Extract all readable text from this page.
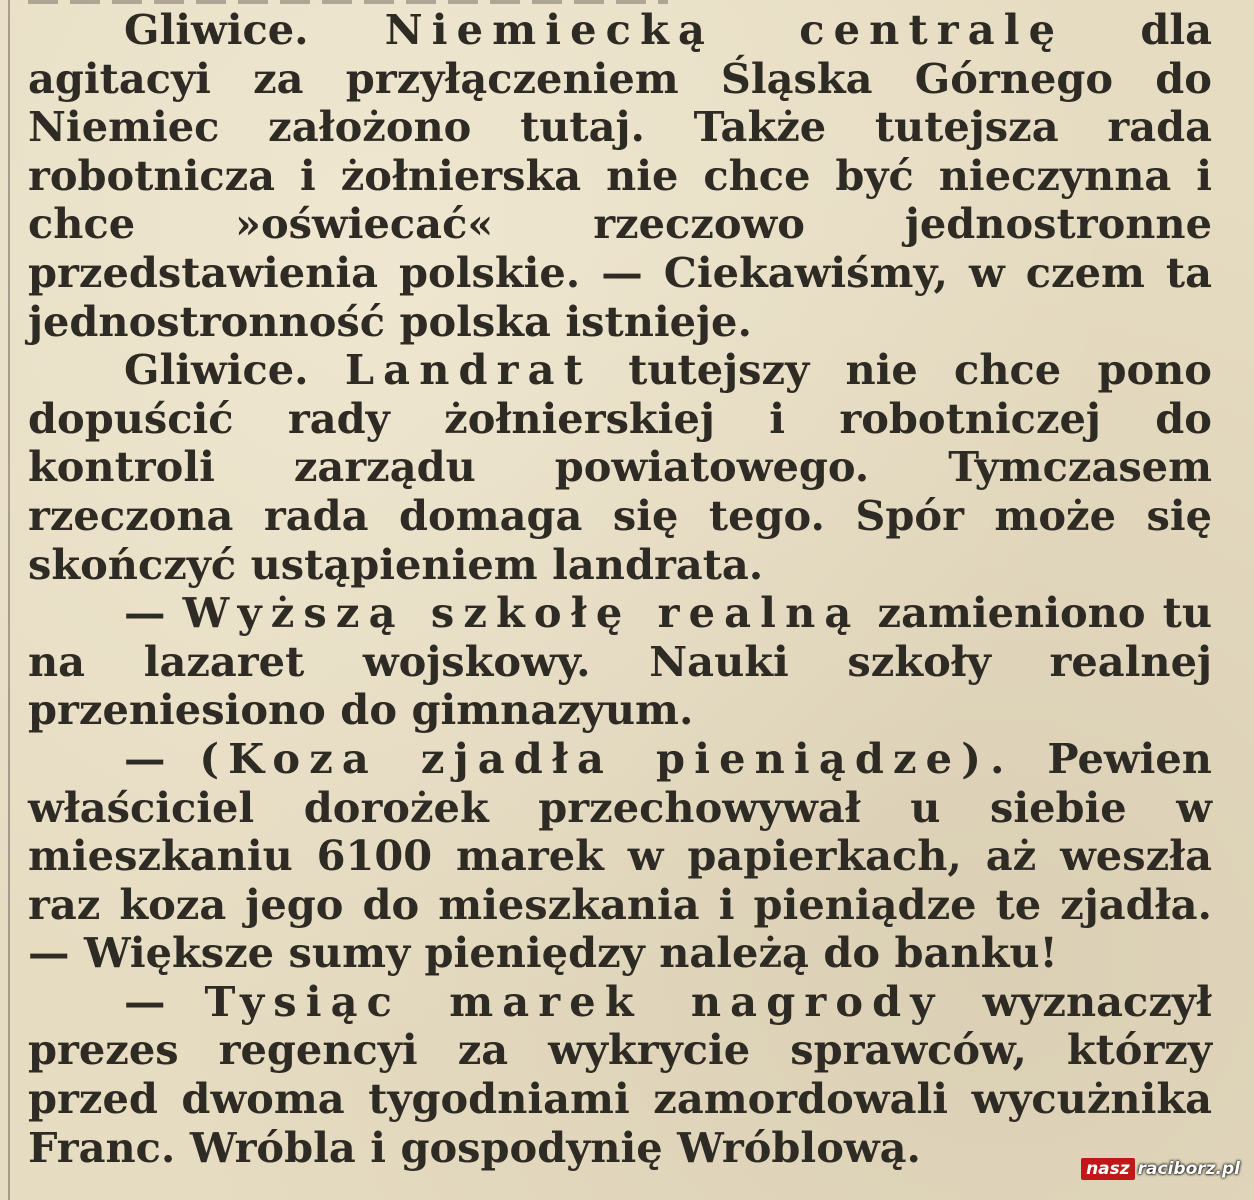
Gliwice. Niemiecką centralę dla agitacyi za przyłączeniem Śląska Górnego do Niemiec założono tutaj. Także tutejsza rada robotnicza i żołnierska nie chce być nieczynna i chce »oświecać« rzeczowo jednostronne przedstawienia polskie. — Ciekawiśmy, w czem ta jednostronność polska istnieje.

Gliwice. Landrat tutejszy nie chce pono dopuścić rady żołnierskiej i robotniczej do kontroli zarządu powiatowego. Tymczasem rzeczona rada domaga się tego. Spór może się skończyć ustąpieniem landrata.

— Wyższą szkołę realną zamieniono tu na lazaret wojskowy. Nauki szkoły realnej przeniesiono do gimnazyum.

— (Koza zjadła pieniądze). Pewien właściciel dorożek przechowywał u siebie w mieszkaniu 6100 marek w papierkach, aż weszła raz koza jego do mieszkania i pieniądze te zjadła. — Większe sumy pieniędzy należą do banku!

— Tysiąc marek nagrody wyznaczył prezes regencyi za wykrycie sprawców, którzy przed dwoma tygodniami zamordowali wycużnika Franc. Wróbla i gospodynię Wróblową.	nasz raciborz.pl
